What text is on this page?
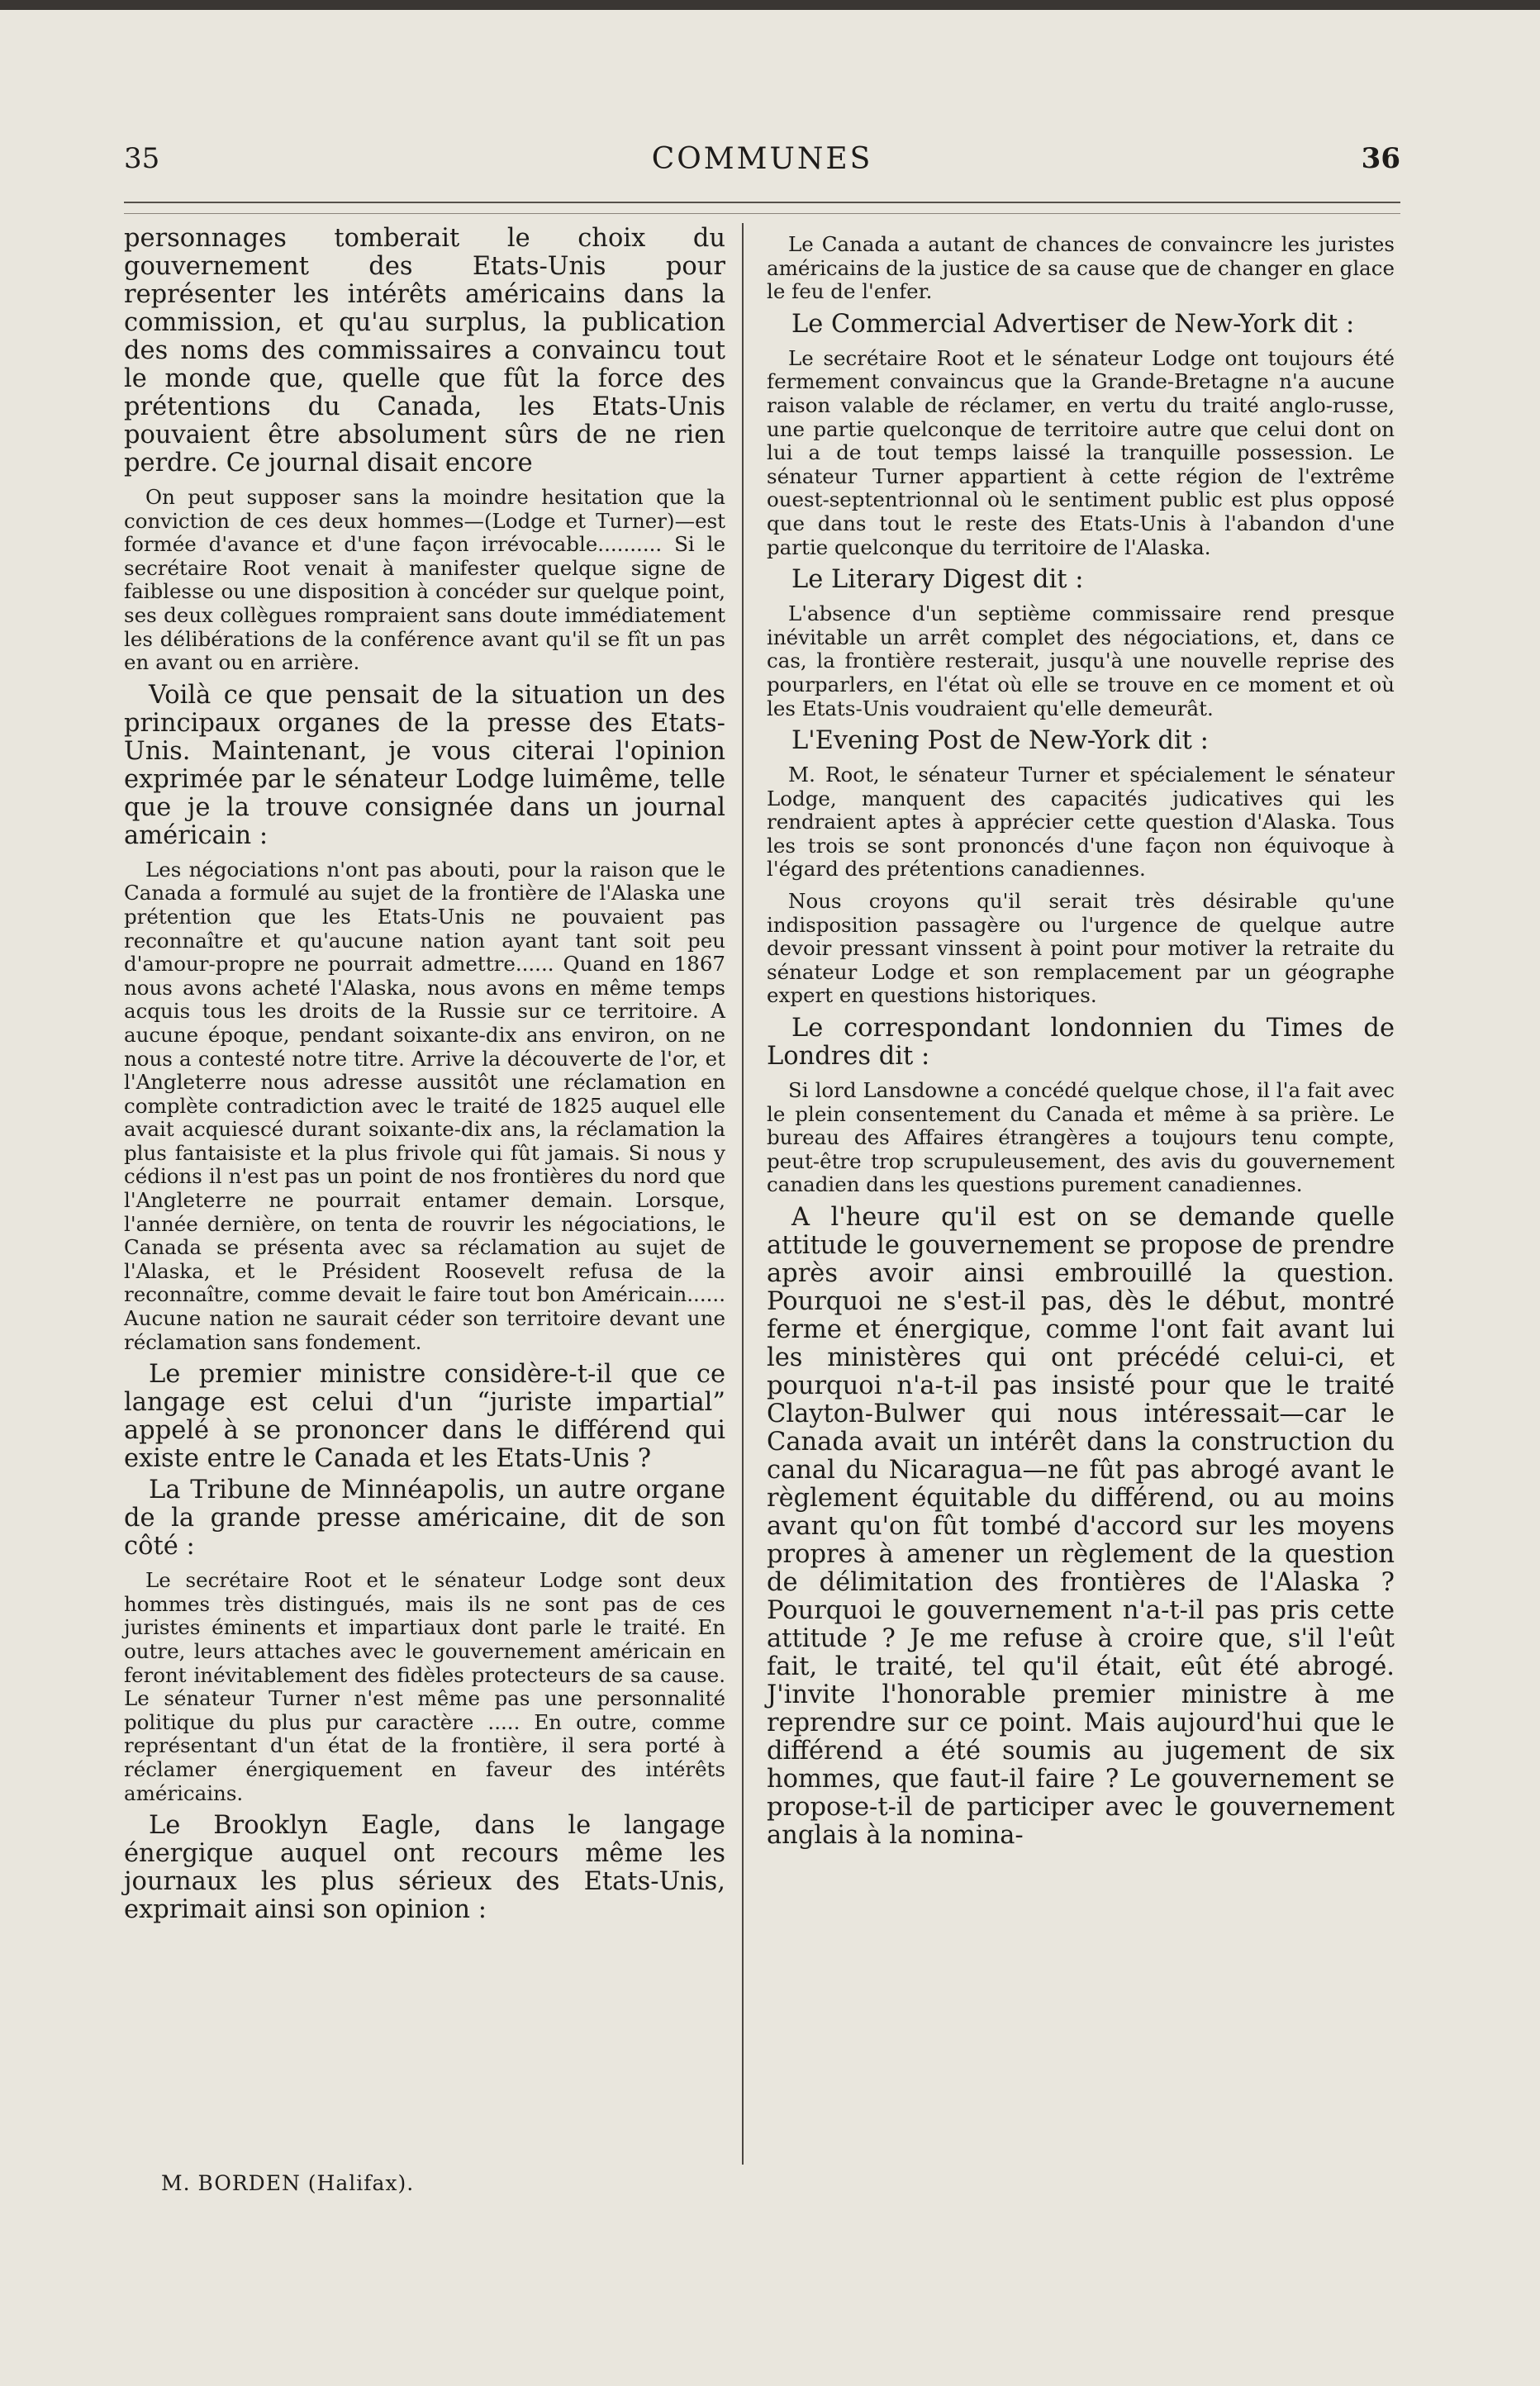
35	COMMUNES	36

personnages tomberait le choix du gouvernement des Etats-Unis pour représenter les intérêts américains dans la commission, et qu'au surplus, la publication des noms des commissaires a convaincu tout le monde que, quelle que fût la force des prétentions du Canada, les Etats-Unis pouvaient être absolument sûrs de ne rien perdre. Ce journal disait encore

On peut supposer sans la moindre hesitation que la conviction de ces deux hommes—(Lodge et Turner)—est formée d'avance et d'une façon irrévocable.......... Si le secrétaire Root venait à manifester quelque signe de faiblesse ou une disposition à concéder sur quelque point, ses deux collègues rompraient sans doute immédiatement les délibérations de la conférence avant qu'il se fît un pas en avant ou en arrière.

Voilà ce que pensait de la situation un des principaux organes de la presse des Etats-Unis. Maintenant, je vous citerai l'opinion exprimée par le sénateur Lodge luimême, telle que je la trouve consignée dans un journal américain :

Les négociations n'ont pas abouti, pour la raison que le Canada a formulé au sujet de la frontière de l'Alaska une prétention que les Etats-Unis ne pouvaient pas reconnaître et qu'aucune nation ayant tant soit peu d'amour-propre ne pourrait admettre...... Quand en 1867 nous avons acheté l'Alaska, nous avons en même temps acquis tous les droits de la Russie sur ce territoire. A aucune époque, pendant soixante-dix ans environ, on ne nous a contesté notre titre. Arrive la découverte de l'or, et l'Angleterre nous adresse aussitôt une réclamation en complète contradiction avec le traité de 1825 auquel elle avait acquiescé durant soixante-dix ans, la réclamation la plus fantaisiste et la plus frivole qui fût jamais. Si nous y cédions il n'est pas un point de nos frontières du nord que l'Angleterre ne pourrait entamer demain. Lorsque, l'année dernière, on tenta de rouvrir les négociations, le Canada se présenta avec sa réclamation au sujet de l'Alaska, et le Président Roosevelt refusa de la reconnaître, comme devait le faire tout bon Américain...... Aucune nation ne saurait céder son territoire devant une réclamation sans fondement.

Le premier ministre considère-t-il que ce langage est celui d'un “juriste impartial” appelé à se prononcer dans le différend qui existe entre le Canada et les Etats-Unis ?

La Tribune de Minnéapolis, un autre organe de la grande presse américaine, dit de son côté :

Le secrétaire Root et le sénateur Lodge sont deux hommes très distingués, mais ils ne sont pas de ces juristes éminents et impartiaux dont parle le traité. En outre, leurs attaches avec le gouvernement américain en feront inévitablement des fidèles protecteurs de sa cause. Le sénateur Turner n'est même pas une personnalité politique du plus pur caractère ..... En outre, comme représentant d'un état de la frontière, il sera porté à réclamer énergiquement en faveur des intérêts américains.

Le Brooklyn Eagle, dans le langage énergique auquel ont recours même les journaux les plus sérieux des Etats-Unis, exprimait ainsi son opinion :

Le Canada a autant de chances de convaincre les juristes américains de la justice de sa cause que de changer en glace le feu de l'enfer.

Le Commercial Advertiser de New-York dit :

Le secrétaire Root et le sénateur Lodge ont toujours été fermement convaincus que la Grande-Bretagne n'a aucune raison valable de réclamer, en vertu du traité anglo-russe, une partie quelconque de territoire autre que celui dont on lui a de tout temps laissé la tranquille possession. Le sénateur Turner appartient à cette région de l'extrême ouest-septentrionnal où le sentiment public est plus opposé que dans tout le reste des Etats-Unis à l'abandon d'une partie quelconque du territoire de l'Alaska.

Le Literary Digest dit :

L'absence d'un septième commissaire rend presque inévitable un arrêt complet des négociations, et, dans ce cas, la frontière resterait, jusqu'à une nouvelle reprise des pourparlers, en l'état où elle se trouve en ce moment et où les Etats-Unis voudraient qu'elle demeurât.

L'Evening Post de New-York dit :

M. Root, le sénateur Turner et spécialement le sénateur Lodge, manquent des capacités judicatives qui les rendraient aptes à apprécier cette question d'Alaska. Tous les trois se sont prononcés d'une façon non équivoque à l'égard des prétentions canadiennes.

Nous croyons qu'il serait très désirable qu'une indisposition passagère ou l'urgence de quelque autre devoir pressant vinssent à point pour motiver la retraite du sénateur Lodge et son remplacement par un géographe expert en questions historiques.

Le correspondant londonnien du Times de Londres dit :

Si lord Lansdowne a concédé quelque chose, il l'a fait avec le plein consentement du Canada et même à sa prière. Le bureau des Affaires étrangères a toujours tenu compte, peut-être trop scrupuleusement, des avis du gouvernement canadien dans les questions purement canadiennes.

A l'heure qu'il est on se demande quelle attitude le gouvernement se propose de prendre après avoir ainsi embrouillé la question. Pourquoi ne s'est-il pas, dès le début, montré ferme et énergique, comme l'ont fait avant lui les ministères qui ont précédé celui-ci, et pourquoi n'a-t-il pas insisté pour que le traité Clayton-Bulwer qui nous intéressait—car le Canada avait un intérêt dans la construction du canal du Nicaragua—ne fût pas abrogé avant le règlement équitable du différend, ou au moins avant qu'on fût tombé d'accord sur les moyens propres à amener un règlement de la question de délimitation des frontières de l'Alaska ? Pourquoi le gouvernement n'a-t-il pas pris cette attitude ? Je me refuse à croire que, s'il l'eût fait, le traité, tel qu'il était, eût été abrogé. J'invite l'honorable premier ministre à me reprendre sur ce point. Mais aujourd'hui que le différend a été soumis au jugement de six hommes, que faut-il faire ? Le gouvernement se propose-t-il de participer avec le gouvernement anglais à la nomina-

M. BORDEN (Halifax).
